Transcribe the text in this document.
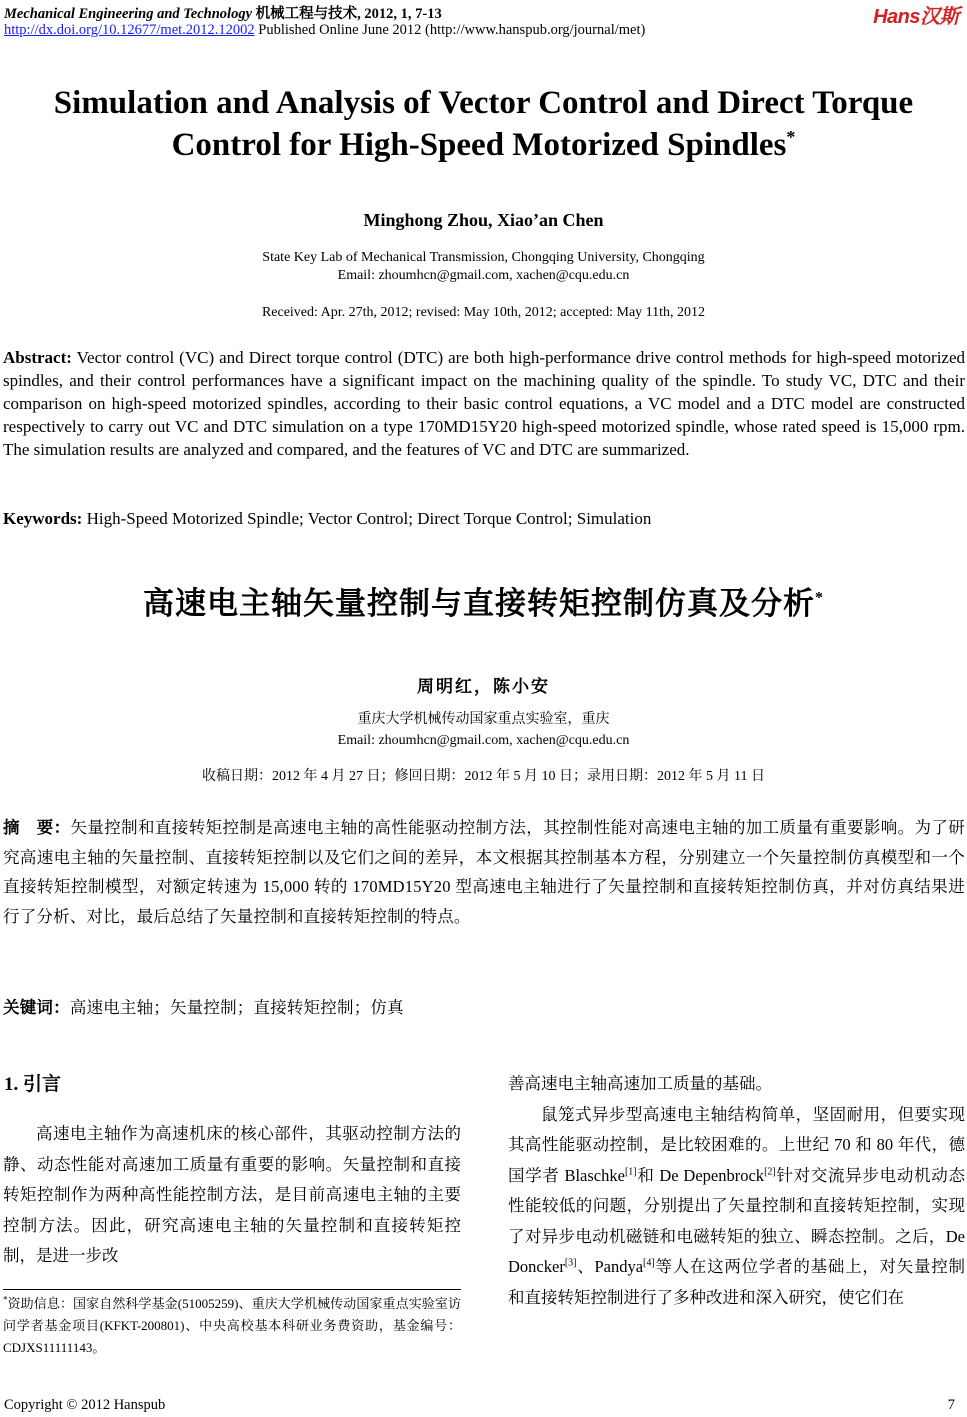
Mechanical Engineering and Technology 机械工程与技术, 2012, 1, 7-13
http://dx.doi.org/10.12677/met.2012.12002 Published Online June 2012 (http://www.hanspub.org/journal/met)
Hans汉斯
Simulation and Analysis of Vector Control and Direct Torque
Control for High-Speed Motorized Spindles*
Minghong Zhou, Xiao’an Chen
State Key Lab of Mechanical Transmission, Chongqing University, Chongqing
Email: zhoumhcn@gmail.com, xachen@cqu.edu.cn
Received: Apr. 27th, 2012; revised: May 10th, 2012; accepted: May 11th, 2012
Abstract: Vector control (VC) and Direct torque control (DTC) are both high-performance drive control methods for high-speed motorized spindles, and their control performances have a significant impact on the machining quality of the spindle. To study VC, DTC and their comparison on high-speed motorized spindles, according to their basic control equations, a VC model and a DTC model are constructed respectively to carry out VC and DTC simulation on a type 170MD15Y20 high-speed motorized spindle, whose rated speed is 15,000 rpm. The simulation results are analyzed and compared, and the features of VC and DTC are summarized.
Keywords: High-Speed Motorized Spindle; Vector Control; Direct Torque Control; Simulation
高速电主轴矢量控制与直接转矩控制仿真及分析*
周明红，陈小安
重庆大学机械传动国家重点实验室，重庆
Email: zhoumhcn@gmail.com, xachen@cqu.edu.cn
收稿日期：2012 年 4 月 27 日；修回日期：2012 年 5 月 10 日；录用日期：2012 年 5 月 11 日
摘　要：矢量控制和直接转矩控制是高速电主轴的高性能驱动控制方法，其控制性能对高速电主轴的加工质量有重要影响。为了研究高速电主轴的矢量控制、直接转矩控制以及它们之间的差异，本文根据其控制基本方程，分别建立一个矢量控制仿真模型和一个直接转矩控制模型，对额定转速为 15,000 转的 170MD15Y20 型高速电主轴进行了矢量控制和直接转矩控制仿真，并对仿真结果进行了分析、对比，最后总结了矢量控制和直接转矩控制的特点。
关键词：高速电主轴；矢量控制；直接转矩控制；仿真
1. 引言

高速电主轴作为高速机床的核心部件，其驱动控制方法的静、动态性能对高速加工质量有重要的影响。矢量控制和直接转矩控制作为两种高性能控制方法，是目前高速电主轴的主要控制方法。因此，研究高速电主轴的矢量控制和直接转矩控制，是进一步改

善高速电主轴高速加工质量的基础。

鼠笼式异步型高速电主轴结构简单，坚固耐用，但要实现其高性能驱动控制，是比较困难的。上世纪 70 和 80 年代，德国学者 Blaschke[1]和 De Depenbrock[2]针对交流异步电动机动态性能较低的问题，分别提出了矢量控制和直接转矩控制，实现了对异步电动机磁链和电磁转矩的独立、瞬态控制。之后，De Doncker[3]、Pandya[4]等人在这两位学者的基础上，对矢量控制和直接转矩控制进行了多种改进和深入研究，使它们在

*资助信息：国家自然科学基金(51005259)、重庆大学机械传动国家重点实验室访问学者基金项目(KFKT-200801)、中央高校基本科研业务费资助，基金编号：CDJXS11111143。
Copyright © 2012 Hanspub	7
